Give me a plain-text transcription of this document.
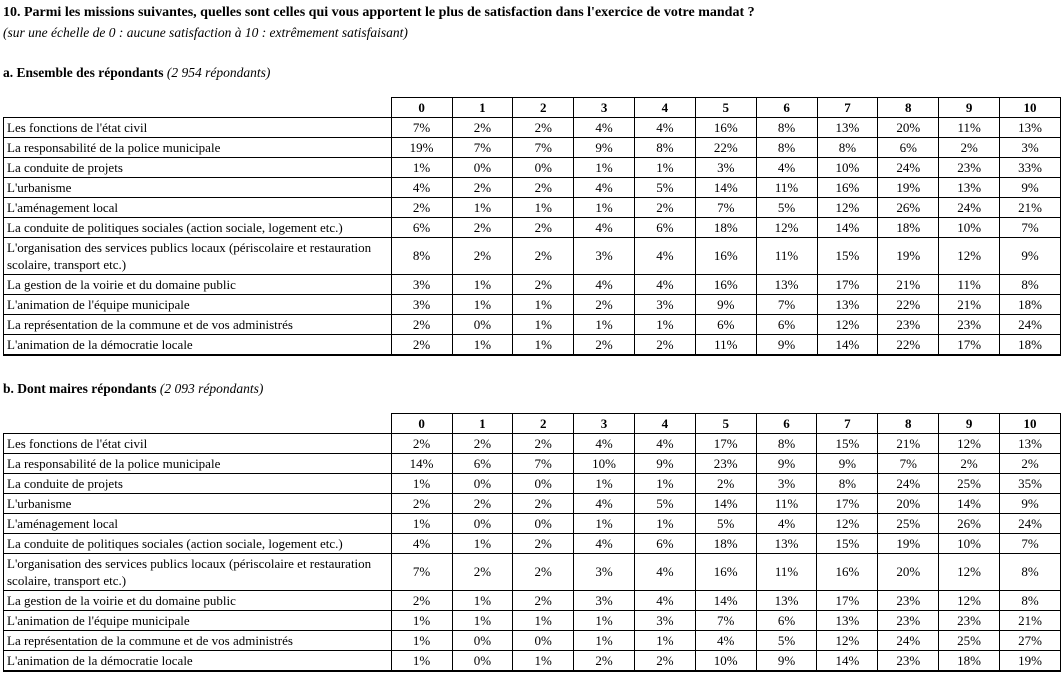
10. Parmi les missions suivantes, quelles sont celles qui vous apportent le plus de satisfaction dans l'exercice de votre mandat ?
(sur une échelle de 0 : aucune satisfaction à 10 : extrêmement satisfaisant)
a. Ensemble des répondants (2 954 répondants)
	0	1	2	3	4	5	6	7	8	9	10
Les fonctions de l'état civil	7%	2%	2%	4%	4%	16%	8%	13%	20%	11%	13%
La responsabilité de la police municipale	19%	7%	7%	9%	8%	22%	8%	8%	6%	2%	3%
La conduite de projets	1%	0%	0%	1%	1%	3%	4%	10%	24%	23%	33%
L'urbanisme	4%	2%	2%	4%	5%	14%	11%	16%	19%	13%	9%
L'aménagement local	2%	1%	1%	1%	2%	7%	5%	12%	26%	24%	21%
La conduite de politiques sociales (action sociale, logement etc.)	6%	2%	2%	4%	6%	18%	12%	14%	18%	10%	7%
L'organisation des services publics locaux (périscolaire et restauration scolaire, transport etc.)	8%	2%	2%	3%	4%	16%	11%	15%	19%	12%	9%
La gestion de la voirie et du domaine public	3%	1%	2%	4%	4%	16%	13%	17%	21%	11%	8%
L'animation de l'équipe municipale	3%	1%	1%	2%	3%	9%	7%	13%	22%	21%	18%
La représentation de la commune et de vos administrés	2%	0%	1%	1%	1%	6%	6%	12%	23%	23%	24%
L'animation de la démocratie locale	2%	1%	1%	2%	2%	11%	9%	14%	22%	17%	18%
b. Dont maires répondants (2 093 répondants)
	0	1	2	3	4	5	6	7	8	9	10
Les fonctions de l'état civil	2%	2%	2%	4%	4%	17%	8%	15%	21%	12%	13%
La responsabilité de la police municipale	14%	6%	7%	10%	9%	23%	9%	9%	7%	2%	2%
La conduite de projets	1%	0%	0%	1%	1%	2%	3%	8%	24%	25%	35%
L'urbanisme	2%	2%	2%	4%	5%	14%	11%	17%	20%	14%	9%
L'aménagement local	1%	0%	0%	1%	1%	5%	4%	12%	25%	26%	24%
La conduite de politiques sociales (action sociale, logement etc.)	4%	1%	2%	4%	6%	18%	13%	15%	19%	10%	7%
L'organisation des services publics locaux (périscolaire et restauration scolaire, transport etc.)	7%	2%	2%	3%	4%	16%	11%	16%	20%	12%	8%
La gestion de la voirie et du domaine public	2%	1%	2%	3%	4%	14%	13%	17%	23%	12%	8%
L'animation de l'équipe municipale	1%	1%	1%	1%	3%	7%	6%	13%	23%	23%	21%
La représentation de la commune et de vos administrés	1%	0%	0%	1%	1%	4%	5%	12%	24%	25%	27%
L'animation de la démocratie locale	1%	0%	1%	2%	2%	10%	9%	14%	23%	18%	19%
